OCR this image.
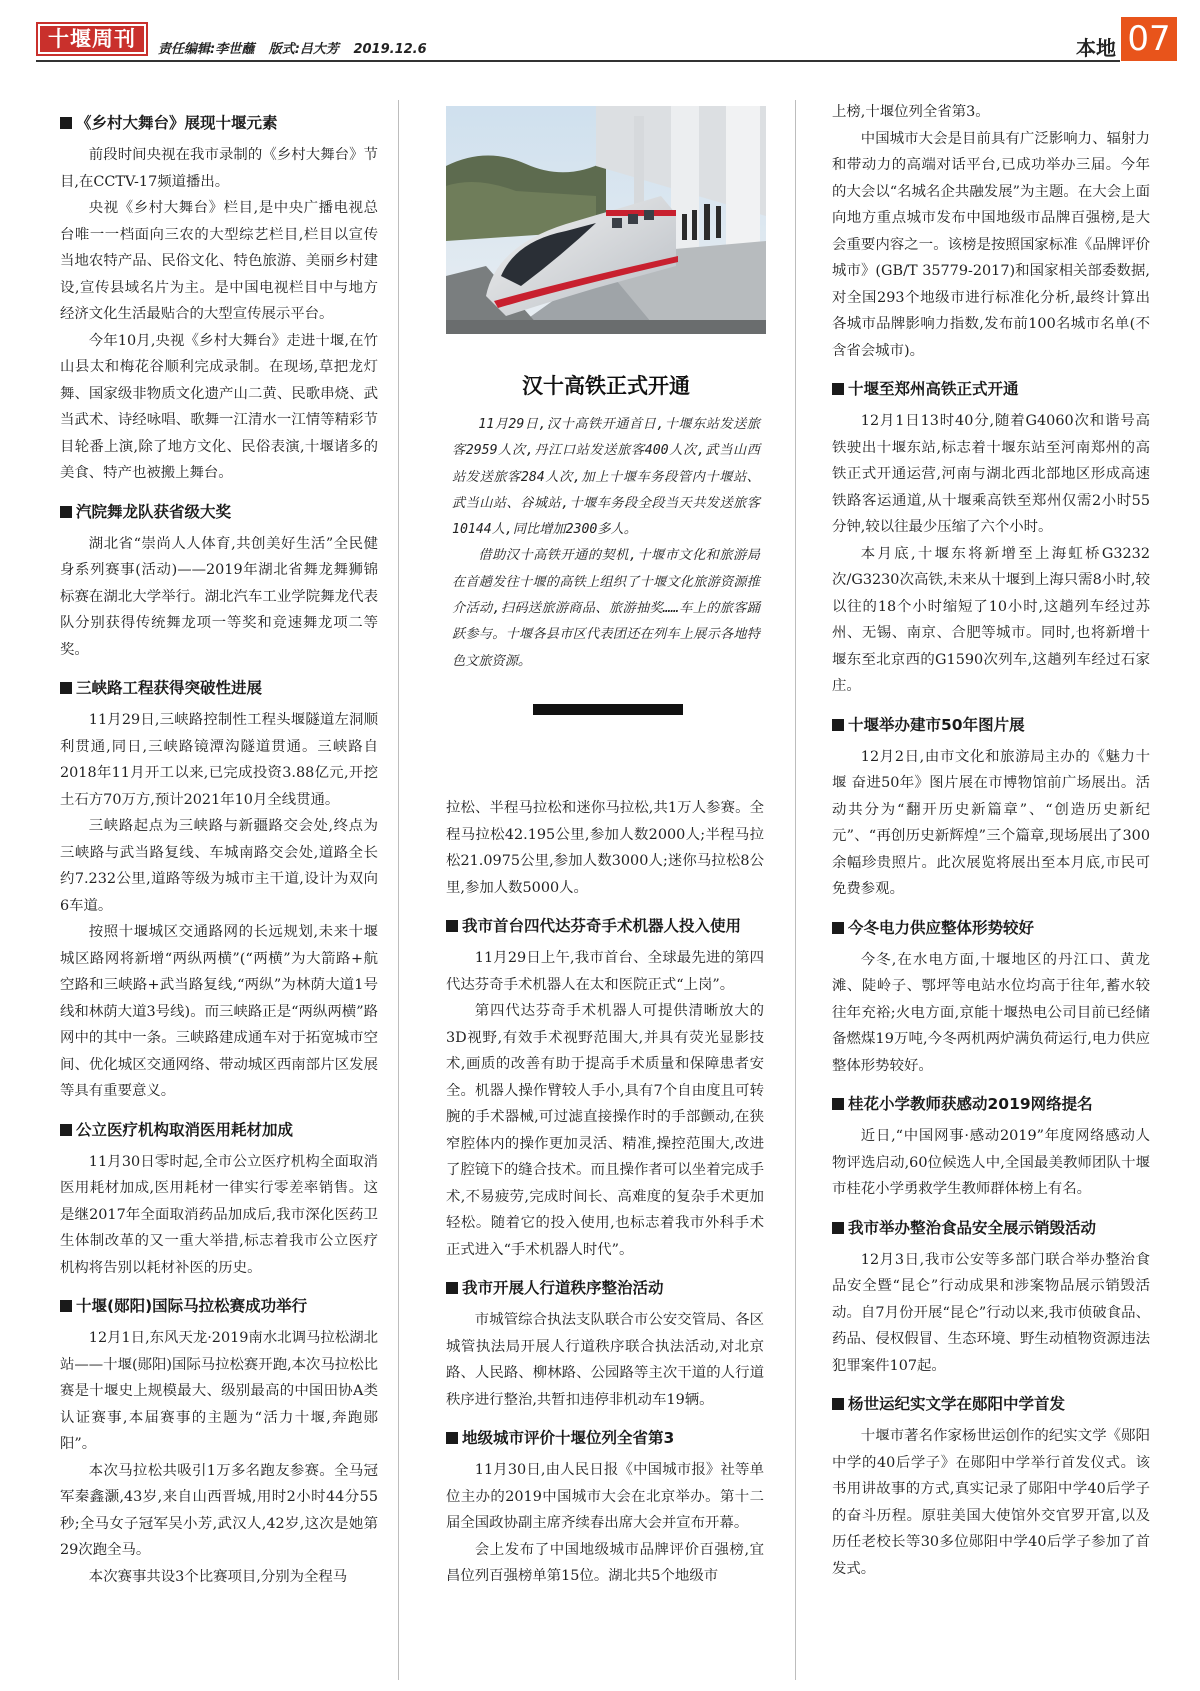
十堰周刊	责任编辑:李世蘸 版式:吕大芳 2019.12.6	本地 07
《乡村大舞台》展现十堰元素

前段时间央视在我市录制的《乡村大舞台》节目,在CCTV-17频道播出。

央视《乡村大舞台》栏目,是中央广播电视总台唯一一档面向三农的大型综艺栏目,栏目以宣传当地农特产品、民俗文化、特色旅游、美丽乡村建设,宣传县域名片为主。是中国电视栏目中与地方经济文化生活最贴合的大型宣传展示平台。

今年10月,央视《乡村大舞台》走进十堰,在竹山县太和梅花谷顺利完成录制。在现场,草把龙灯舞、国家级非物质文化遗产山二黄、民歌串烧、武当武术、诗经咏唱、歌舞一江清水一江情等精彩节目轮番上演,除了地方文化、民俗表演,十堰诸多的美食、特产也被搬上舞台。

汽院舞龙队获省级大奖

湖北省“崇尚人人体育,共创美好生活”全民健身系列赛事(活动)——2019年湖北省舞龙舞狮锦标赛在湖北大学举行。湖北汽车工业学院舞龙代表队分别获得传统舞龙项一等奖和竞速舞龙项二等奖。

三峡路工程获得突破性进展

11月29日,三峡路控制性工程头堰隧道左洞顺利贯通,同日,三峡路镜潭沟隧道贯通。三峡路自2018年11月开工以来,已完成投资3.88亿元,开挖土石方70万方,预计2021年10月全线贯通。

三峡路起点为三峡路与新疆路交会处,终点为三峡路与武当路复线、车城南路交会处,道路全长约7.232公里,道路等级为城市主干道,设计为双向6车道。

按照十堰城区交通路网的长远规划,未来十堰城区路网将新增“两纵两横”(“两横”为大箭路+航空路和三峡路+武当路复线,“两纵”为林荫大道1号线和林荫大道3号线)。而三峡路正是“两纵两横”路网中的其中一条。三峡路建成通车对于拓宽城市空间、优化城区交通网络、带动城区西南部片区发展等具有重要意义。

公立医疗机构取消医用耗材加成

11月30日零时起,全市公立医疗机构全面取消医用耗材加成,医用耗材一律实行零差率销售。这是继2017年全面取消药品加成后,我市深化医药卫生体制改革的又一重大举措,标志着我市公立医疗机构将告别以耗材补医的历史。

十堰(郧阳)国际马拉松赛成功举行

12月1日,东风天龙·2019南水北调马拉松湖北站——十堰(郧阳)国际马拉松赛开跑,本次马拉松比赛是十堰史上规模最大、级别最高的中国田协A类认证赛事,本届赛事的主题为“活力十堰,奔跑郧阳”。

本次马拉松共吸引1万多名跑友参赛。全马冠军秦鑫灏,43岁,来自山西晋城,用时2小时44分55秒;全马女子冠军吴小芳,武汉人,42岁,这次是她第29次跑全马。

本次赛事共设3个比赛项目,分别为全程马

汉十高铁正式开通

11月29日,汉十高铁开通首日,十堰东站发送旅客2959人次,丹江口站发送旅客400人次,武当山西站发送旅客284人次,加上十堰车务段管内十堰站、武当山站、谷城站,十堰车务段全段当天共发送旅客10144人,同比增加2300多人。

借助汉十高铁开通的契机,十堰市文化和旅游局在首趟发往十堰的高铁上组织了十堰文化旅游资源推介活动,扫码送旅游商品、旅游抽奖……车上的旅客踊跃参与。十堰各县市区代表团还在列车上展示各地特色文旅资源。

拉松、半程马拉松和迷你马拉松,共1万人参赛。全程马拉松42.195公里,参加人数2000人;半程马拉松21.0975公里,参加人数3000人;迷你马拉松8公里,参加人数5000人。

我市首台四代达芬奇手术机器人投入使用

11月29日上午,我市首台、全球最先进的第四代达芬奇手术机器人在太和医院正式“上岗”。

第四代达芬奇手术机器人可提供清晰放大的3D视野,有效手术视野范围大,并具有荧光显影技术,画质的改善有助于提高手术质量和保障患者安全。机器人操作臂较人手小,具有7个自由度且可转腕的手术器械,可过滤直接操作时的手部颤动,在狭窄腔体内的操作更加灵活、精准,操控范围大,改进了腔镜下的缝合技术。而且操作者可以坐着完成手术,不易疲劳,完成时间长、高难度的复杂手术更加轻松。随着它的投入使用,也标志着我市外科手术正式进入“手术机器人时代”。

我市开展人行道秩序整治活动

市城管综合执法支队联合市公安交管局、各区城管执法局开展人行道秩序联合执法活动,对北京路、人民路、柳林路、公园路等主次干道的人行道秩序进行整治,共暂扣违停非机动车19辆。

地级城市评价十堰位列全省第3

11月30日,由人民日报《中国城市报》社等单位主办的2019中国城市大会在北京举办。第十二届全国政协副主席齐续春出席大会并宣布开幕。

会上发布了中国地级城市品牌评价百强榜,宜昌位列百强榜单第15位。湖北共5个地级市

上榜,十堰位列全省第3。

中国城市大会是目前具有广泛影响力、辐射力和带动力的高端对话平台,已成功举办三届。今年的大会以“名城名企共融发展”为主题。在大会上面向地方重点城市发布中国地级市品牌百强榜,是大会重要内容之一。该榜是按照国家标准《品牌评价城市》(GB/T 35779-2017)和国家相关部委数据,对全国293个地级市进行标准化分析,最终计算出各城市品牌影响力指数,发布前100名城市名单(不含省会城市)。

十堰至郑州高铁正式开通

12月1日13时40分,随着G4060次和谐号高铁驶出十堰东站,标志着十堰东站至河南郑州的高铁正式开通运营,河南与湖北西北部地区形成高速铁路客运通道,从十堰乘高铁至郑州仅需2小时55分钟,较以往最少压缩了六个小时。

本月底,十堰东将新增至上海虹桥G3232次/G3230次高铁,未来从十堰到上海只需8小时,较以往的18个小时缩短了10小时,这趟列车经过苏州、无锡、南京、合肥等城市。同时,也将新增十堰东至北京西的G1590次列车,这趟列车经过石家庄。

十堰举办建市50年图片展

12月2日,由市文化和旅游局主办的《魅力十堰 奋进50年》图片展在市博物馆前广场展出。活动共分为“翻开历史新篇章”、“创造历史新纪元”、“再创历史新辉煌”三个篇章,现场展出了300余幅珍贵照片。此次展览将展出至本月底,市民可免费参观。

今冬电力供应整体形势较好

今冬,在水电方面,十堰地区的丹江口、黄龙滩、陡岭子、鄂坪等电站水位均高于往年,蓄水较往年充裕;火电方面,京能十堰热电公司目前已经储备燃煤19万吨,今冬两机两炉满负荷运行,电力供应整体形势较好。

桂花小学教师获感动2019网络提名

近日,“中国网事·感动2019”年度网络感动人物评选启动,60位候选人中,全国最美教师团队十堰市桂花小学勇救学生教师群体榜上有名。

我市举办整治食品安全展示销毁活动

12月3日,我市公安等多部门联合举办整治食品安全暨“昆仑”行动成果和涉案物品展示销毁活动。自7月份开展“昆仑”行动以来,我市侦破食品、药品、侵权假冒、生态环境、野生动植物资源违法犯罪案件107起。

杨世运纪实文学在郧阳中学首发

十堰市著名作家杨世运创作的纪实文学《郧阳中学的40后学子》在郧阳中学举行首发仪式。该书用讲故事的方式,真实记录了郧阳中学40后学子的奋斗历程。原驻美国大使馆外交官罗开富,以及历任老校长等30多位郧阳中学40后学子参加了首发式。
